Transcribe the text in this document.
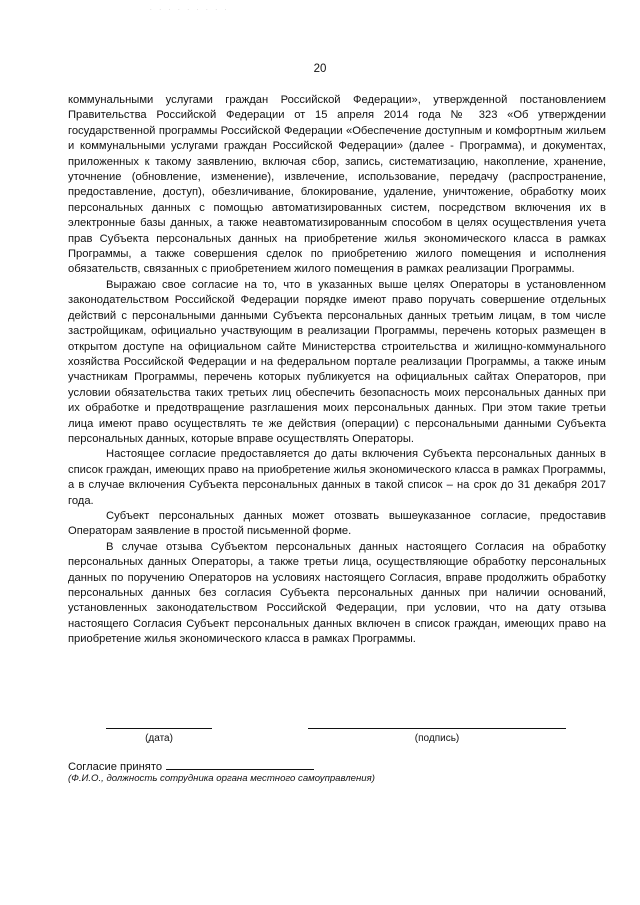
. . . . . . . . .
20

коммунальными услугами граждан Российской Федерации», утвержденной постановлением Правительства Российской Федерации от 15 апреля 2014 года № 323 «Об утверждении государственной программы Российской Федерации «Обеспечение доступным и комфортным жильем и коммунальными услугами граждан Российской Федерации» (далее - Программа), и документах, приложенных к такому заявлению, включая сбор, запись, систематизацию, накопление, хранение, уточнение (обновление, изменение), извлечение, использование, передачу (распространение, предоставление, доступ), обезличивание, блокирование, удаление, уничтожение, обработку моих персональных данных с помощью автоматизированных систем, посредством включения их в электронные базы данных, а также неавтоматизированным способом в целях осуществления учета прав Субъекта персональных данных на приобретение жилья экономического класса в рамках Программы, а также совершения сделок по приобретению жилого помещения и исполнения обязательств, связанных с приобретением жилого помещения в рамках реализации Программы.

Выражаю свое согласие на то, что в указанных выше целях Операторы в установленном законодательством Российской Федерации порядке имеют право поручать совершение отдельных действий с персональными данными Субъекта персональных данных третьим лицам, в том числе застройщикам, официально участвующим в реализации Программы, перечень которых размещен в открытом доступе на официальном сайте Министерства строительства и жилищно-коммунального хозяйства Российской Федерации и на федеральном портале реализации Программы, а также иным участникам Программы, перечень которых публикуется на официальных сайтах Операторов, при условии обязательства таких третьих лиц обеспечить безопасность моих персональных данных при их обработке и предотвращение разглашения моих персональных данных. При этом такие третьи лица имеют право осуществлять те же действия (операции) с персональными данными Субъекта персональных данных, которые вправе осуществлять Операторы.

Настоящее согласие предоставляется до даты включения Субъекта персональных данных в список граждан, имеющих право на приобретение жилья экономического класса в рамках Программы, а в случае включения Субъекта персональных данных в такой список – на срок до 31 декабря 2017 года.

Субъект персональных данных может отозвать вышеуказанное согласие, предоставив Операторам заявление в простой письменной форме.

В случае отзыва Субъектом персональных данных настоящего Согласия на обработку персональных данных Операторы, а также третьи лица, осуществляющие обработку персональных данных по поручению Операторов на условиях настоящего Согласия, вправе продолжить обработку персональных данных без согласия Субъекта персональных данных при наличии оснований, установленных законодательством Российской Федерации, при условии, что на дату отзыва настоящего Согласия Субъект персональных данных включен в список граждан, имеющих право на приобретение жилья экономического класса в рамках Программы.

(дата)	(подпись)
Согласие принято
(Ф.И.О., должность сотрудника органа местного самоуправления)
